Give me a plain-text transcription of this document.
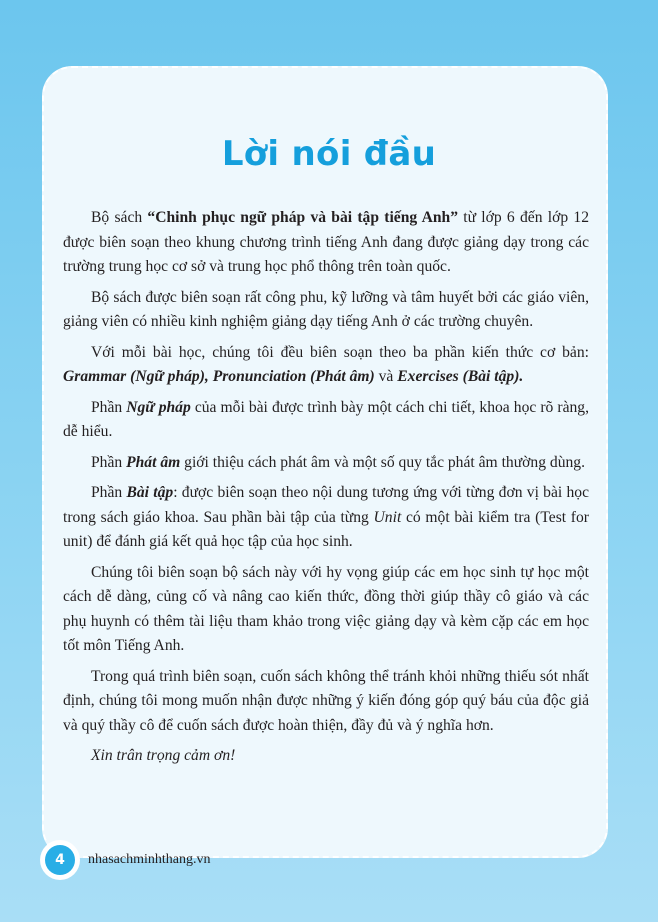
Lời nói đầu

Bộ sách “Chinh phục ngữ pháp và bài tập tiếng Anh” từ lớp 6 đến lớp 12 được biên soạn theo khung chương trình tiếng Anh đang được giảng dạy trong các trường trung học cơ sở và trung học phổ thông trên toàn quốc.

Bộ sách được biên soạn rất công phu, kỹ lưỡng và tâm huyết bởi các giáo viên, giảng viên có nhiều kinh nghiệm giảng dạy tiếng Anh ở các trường chuyên.

Với mỗi bài học, chúng tôi đều biên soạn theo ba phần kiến thức cơ bản: Grammar (Ngữ pháp), Pronunciation (Phát âm) và Exercises (Bài tập).

Phần Ngữ pháp của mỗi bài được trình bày một cách chi tiết, khoa học rõ ràng, dễ hiểu.

Phần Phát âm giới thiệu cách phát âm và một số quy tắc phát âm thường dùng.

Phần Bài tập: được biên soạn theo nội dung tương ứng với từng đơn vị bài học trong sách giáo khoa. Sau phần bài tập của từng Unit có một bài kiểm tra (Test for unit) để đánh giá kết quả học tập của học sinh.

Chúng tôi biên soạn bộ sách này với hy vọng giúp các em học sinh tự học một cách dễ dàng, củng cố và nâng cao kiến thức, đồng thời giúp thầy cô giáo và các phụ huynh có thêm tài liệu tham khảo trong việc giảng dạy và kèm cặp các em học tốt môn Tiếng Anh.

Trong quá trình biên soạn, cuốn sách không thể tránh khỏi những thiếu sót nhất định, chúng tôi mong muốn nhận được những ý kiến đóng góp quý báu của độc giả và quý thầy cô để cuốn sách được hoàn thiện, đầy đủ và ý nghĩa hơn.

Xin trân trọng cảm ơn!

4	nhasachminhthang.vn
